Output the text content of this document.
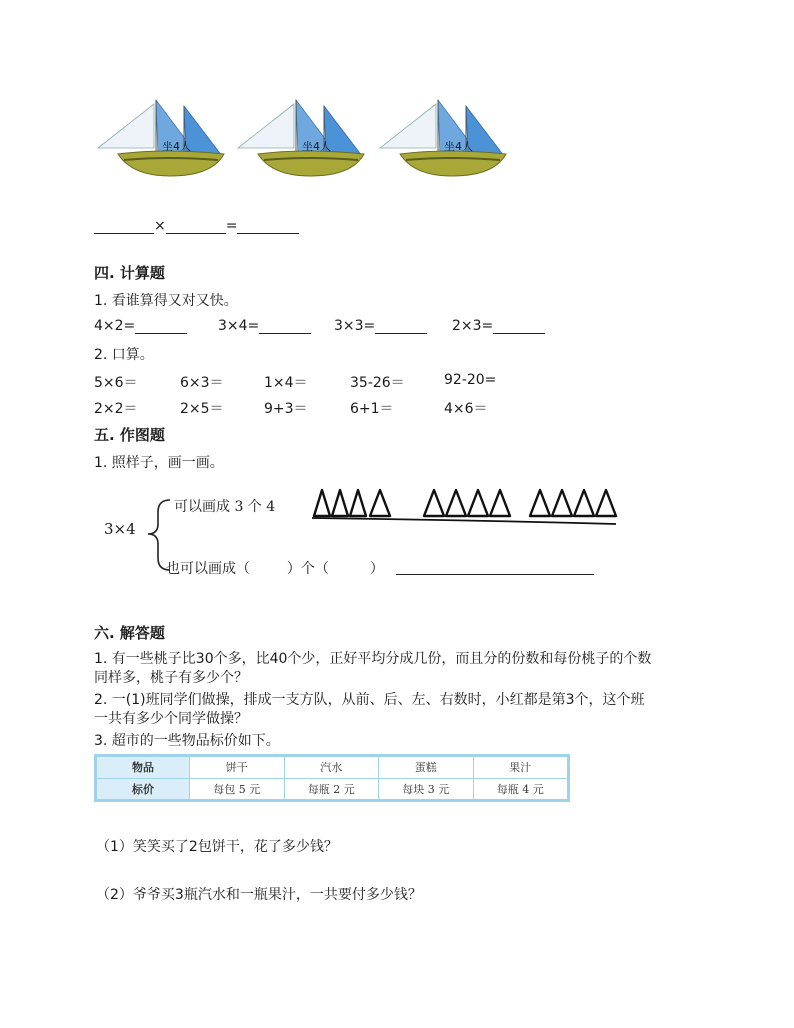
坐4人	坐4人	坐4人
×	=
四. 计算题
1. 看谁算得又对又快。
4×2=	3×4=	3×3=	2×3=
2. 口算。
5×6＝	6×3＝	1×4＝	35-26＝	92-20=
2×2＝	2×5＝	9+3＝	6+1＝	4×6＝
五. 作图题
1. 照样子，画一画。
3×4
可以画成 3 个 4
也可以画成（	）个（	）
六. 解答题
1. 有一些桃子比30个多，比40个少，正好平均分成几份，而且分的份数和每份桃子的个数
同样多，桃子有多少个？
2. 一(1)班同学们做操，排成一支方队，从前、后、左、右数时，小红都是第3个，这个班
一共有多少个同学做操？
3. 超市的一些物品标价如下。
物品	饼干	汽水	蛋糕	果汁
标价	每包 5 元	每瓶 2 元	每块 3 元	每瓶 4 元
（1）笑笑买了2包饼干，花了多少钱？
（2）爷爷买3瓶汽水和一瓶果汁，一共要付多少钱？
